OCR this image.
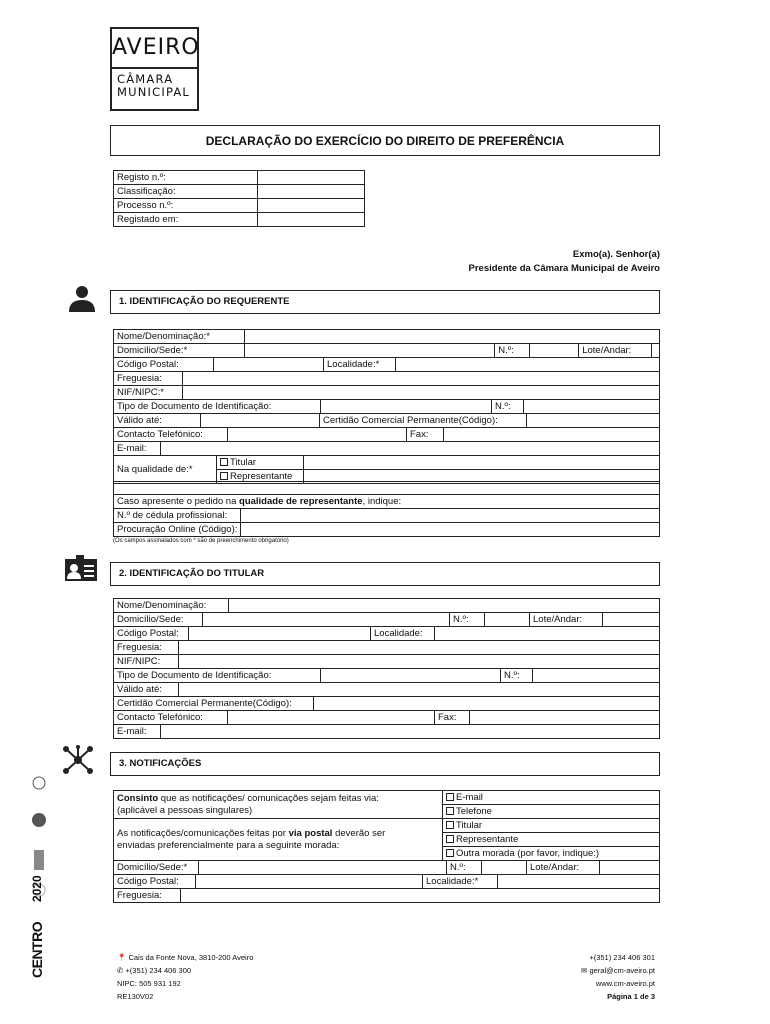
AVEIRO
CÂMARA
MUNICIPAL
DECLARAÇÃO DO EXERCÍCIO DO DIREITO DE PREFERÊNCIA
Registo n.º:	
Classificação:	
Processo n.º:	
Registado em:	
Exmo(a). Senhor(a)
Presidente da Câmara Municipal de Aveiro
1. IDENTIFICAÇÃO DO REQUERENTE
Nome/Denominação:*					
Domicílio/Sede:*		N.º:		Lote/Andar:	
Código Postal:		Localidade:*	
Freguesia:	
NIF/NIPC:*	
Tipo de Documento de Identificação:		N.º:	
Válido até:		Certidão Comercial Permanente(Código):	
Contacto Telefónico:		Fax:	
E-mail:	
Na qualidade de:*	Titular	
	Representante	

Caso apresente o pedido na qualidade de representante, indique:	
N.º de cédula profissional:	
Procuração Online (Código):	
(Os campos assinalados com * são de preenchimento obrigatório)
2. IDENTIFICAÇÃO DO TITULAR
Nome/Denominação:	
Domicílio/Sede:		N.º:		Lote/Andar:	
Código Postal:		Localidade:	
Freguesia:	
NIF/NIPC:	
Tipo de Documento de Identificação:		N.º:	
Válido até:	
Certidão Comercial Permanente(Código):	
Contacto Telefónico:		Fax:	
E-mail:	
3. NOTIFICAÇÕES
Consinto que as notificações/ comunicações sejam feitas via:
(aplicável a pessoas singulares)	E-mail
	Telefone
As notificações/comunicações feitas por via postal deverão ser
enviadas preferencialmente para a seguinte morada:	Titular
	Representante
	Outra morada (por favor, indique:)
Domicílio/Sede:*		N.º:		Lote/Andar:	
Código Postal:		Localidade:*	
Freguesia:	
2020
CENTRO	📍 Cais da Fonte Nova, 3810-200 Aveiro
✆ +(351) 234 406 300
NIPC: 505 931 192
RE130V02
+(351) 234 406 301
✉ geral@cm-aveiro.pt
www.cm-aveiro.pt
Página 1 de 3
